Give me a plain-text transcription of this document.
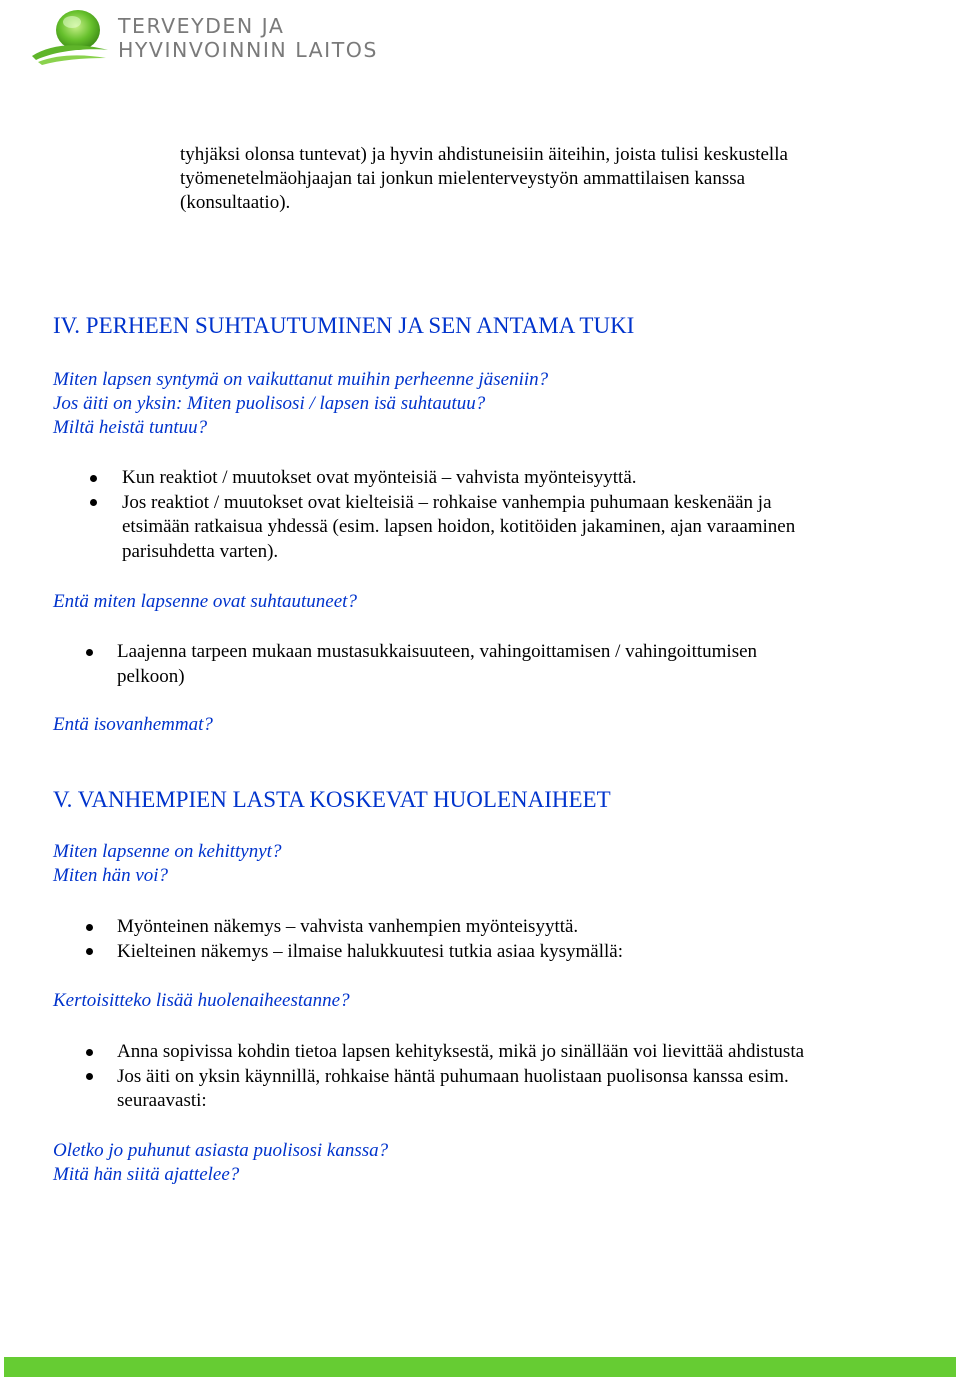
TERVEYDEN JA
HYVINVOINNIN LAITOS
tyhjäksi olonsa tuntevat) ja hyvin ahdistuneisiin äiteihin, joista tulisi keskustella
työmenetelmäohjaajan tai jonkun mielenterveystyön ammattilaisen kanssa
(konsultaatio).
IV. PERHEEN SUHTAUTUMINEN JA SEN ANTAMA TUKI
Miten lapsen syntymä on vaikuttanut muihin perheenne jäseniin?
Jos äiti on yksin: Miten puolisosi / lapsen isä suhtautuu?
Miltä heistä tuntuu?
Kun reaktiot / muutokset ovat myönteisiä – vahvista myönteisyyttä.
Jos reaktiot / muutokset ovat kielteisiä – rohkaise vanhempia puhumaan keskenään ja
etsimään ratkaisua yhdessä (esim. lapsen hoidon, kotitöiden jakaminen, ajan varaaminen
parisuhdetta varten).
Entä miten lapsenne ovat suhtautuneet?
Laajenna tarpeen mukaan mustasukkaisuuteen, vahingoittamisen / vahingoittumisen
pelkoon)
Entä isovanhemmat?
V. VANHEMPIEN LASTA KOSKEVAT HUOLENAIHEET
Miten lapsenne on kehittynyt?
Miten hän voi?
Myönteinen näkemys – vahvista vanhempien myönteisyyttä.
Kielteinen näkemys – ilmaise halukkuutesi tutkia asiaa kysymällä:
Kertoisitteko lisää huolenaiheestanne?
Anna sopivissa kohdin tietoa lapsen kehityksestä, mikä jo sinällään voi lievittää ahdistusta
Jos äiti on yksin käynnillä, rohkaise häntä puhumaan huolistaan puolisonsa kanssa esim.
seuraavasti:
Oletko jo puhunut asiasta puolisosi kanssa?
Mitä hän siitä ajattelee?
